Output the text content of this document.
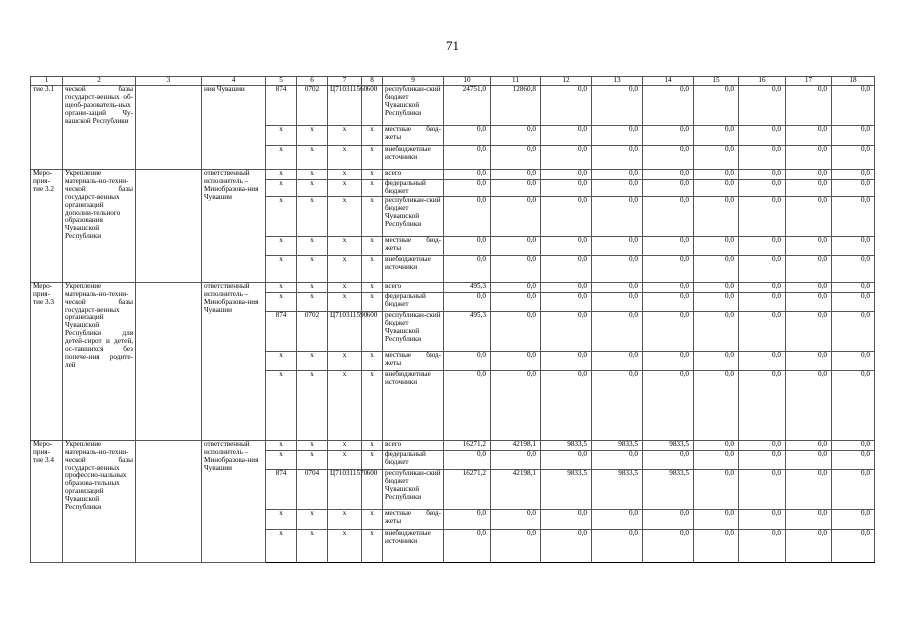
71
1	2	3	4	5	6	7	8	9	10	11	12	13	14	15	16	17	18
тие 3.1	ческой базы государст-венных об-щеоб-разователь-ных органи-заций Чу-вашской Республики		ния Чувашии	874	0702	Ц710311560	600	республикан-ский бюджет Чувашской Республики	24751,0	12860,8	0,0	0,0	0,0	0,0	0,0	0,0	0,0
				x	x	x	x	местные бюд-жеты	0,0	0,0	0,0	0,0	0,0	0,0	0,0	0,0	0,0
				x	x	x	x	внебюджетные источники	0,0	0,0	0,0	0,0	0,0	0,0	0,0	0,0	0,0
Меро-прия-тие 3.2	Укрепление материаль-но-техни-ческой базы государст-венных организаций дополни-тельного образования Чувашской Республики		ответственный исполнитель – Минобразова-ния Чувашии	x	x	x	x	всего	0,0	0,0	0,0	0,0	0,0	0,0	0,0	0,0	0,0
				x	x	x	x	федеральный бюджет	0,0	0,0	0,0	0,0	0,0	0,0	0,0	0,0	0,0
				x	x	x	x	республикан-ский бюджет Чувашской Республики	0,0	0,0	0,0	0,0	0,0	0,0	0,0	0,0	0,0
				x	x	x	x	местные бюд-жеты	0,0	0,0	0,0	0,0	0,0	0,0	0,0	0,0	0,0
				x	x	x	x	внебюджетные источники	0,0	0,0	0,0	0,0	0,0	0,0	0,0	0,0	0,0
Меро-прия-тие 3.3	Укрепление материаль-но-техни-ческой базы государст-венных организаций Чувашской Республики для детей-сирот и детей, ос-тавшихся без попече-ния родите-лей		ответственный исполнитель – Минобразова-ния Чувашии	x	x	x	x	всего	495,3	0,0	0,0	0,0	0,0	0,0	0,0	0,0	0,0
				x	x	x	x	федеральный бюджет	0,0	0,0	0,0	0,0	0,0	0,0	0,0	0,0	0,0
				874	0702	Ц710311590	600	республикан-ский бюджет Чувашской Республики	495,3	0,0	0,0	0,0	0,0	0,0	0,0	0,0	0,0
				x	x	x	x	местные бюд-жеты	0,0	0,0	0,0	0,0	0,0	0,0	0,0	0,0	0,0
				x	x	x	x	внебюджетные источники	0,0	0,0	0,0	0,0	0,0	0,0	0,0	0,0	0,0
Меро-прия-тие 3.4	Укрепление материаль-но-техни-ческой базы государст-венных профессио-нальных образова-тельных организаций Чувашской Республики		ответственный исполнитель – Минобразова-ния Чувашии	x	x	x	x	всего	16271,2	42198,1	9833,5	9833,5	9833,5	0,0	0,0	0,0	0,0
				x	x	x	x	федеральный бюджет	0,0	0,0	0,0	0,0	0,0	0,0	0,0	0,0	0,0
				874	0704	Ц710311570	600	республикан-ский бюджет Чувашской Республики	16271,2	42198,1	9833,5	9833,5	9833,5	0,0	0,0	0,0	0,0
				x	x	x	x	местные бюд-жеты	0,0	0,0	0,0	0,0	0,0	0,0	0,0	0,0	0,0
				x	x	x	x	внебюджетные источники	0,0	0,0	0,0	0,0	0,0	0,0	0,0	0,0	0,0
